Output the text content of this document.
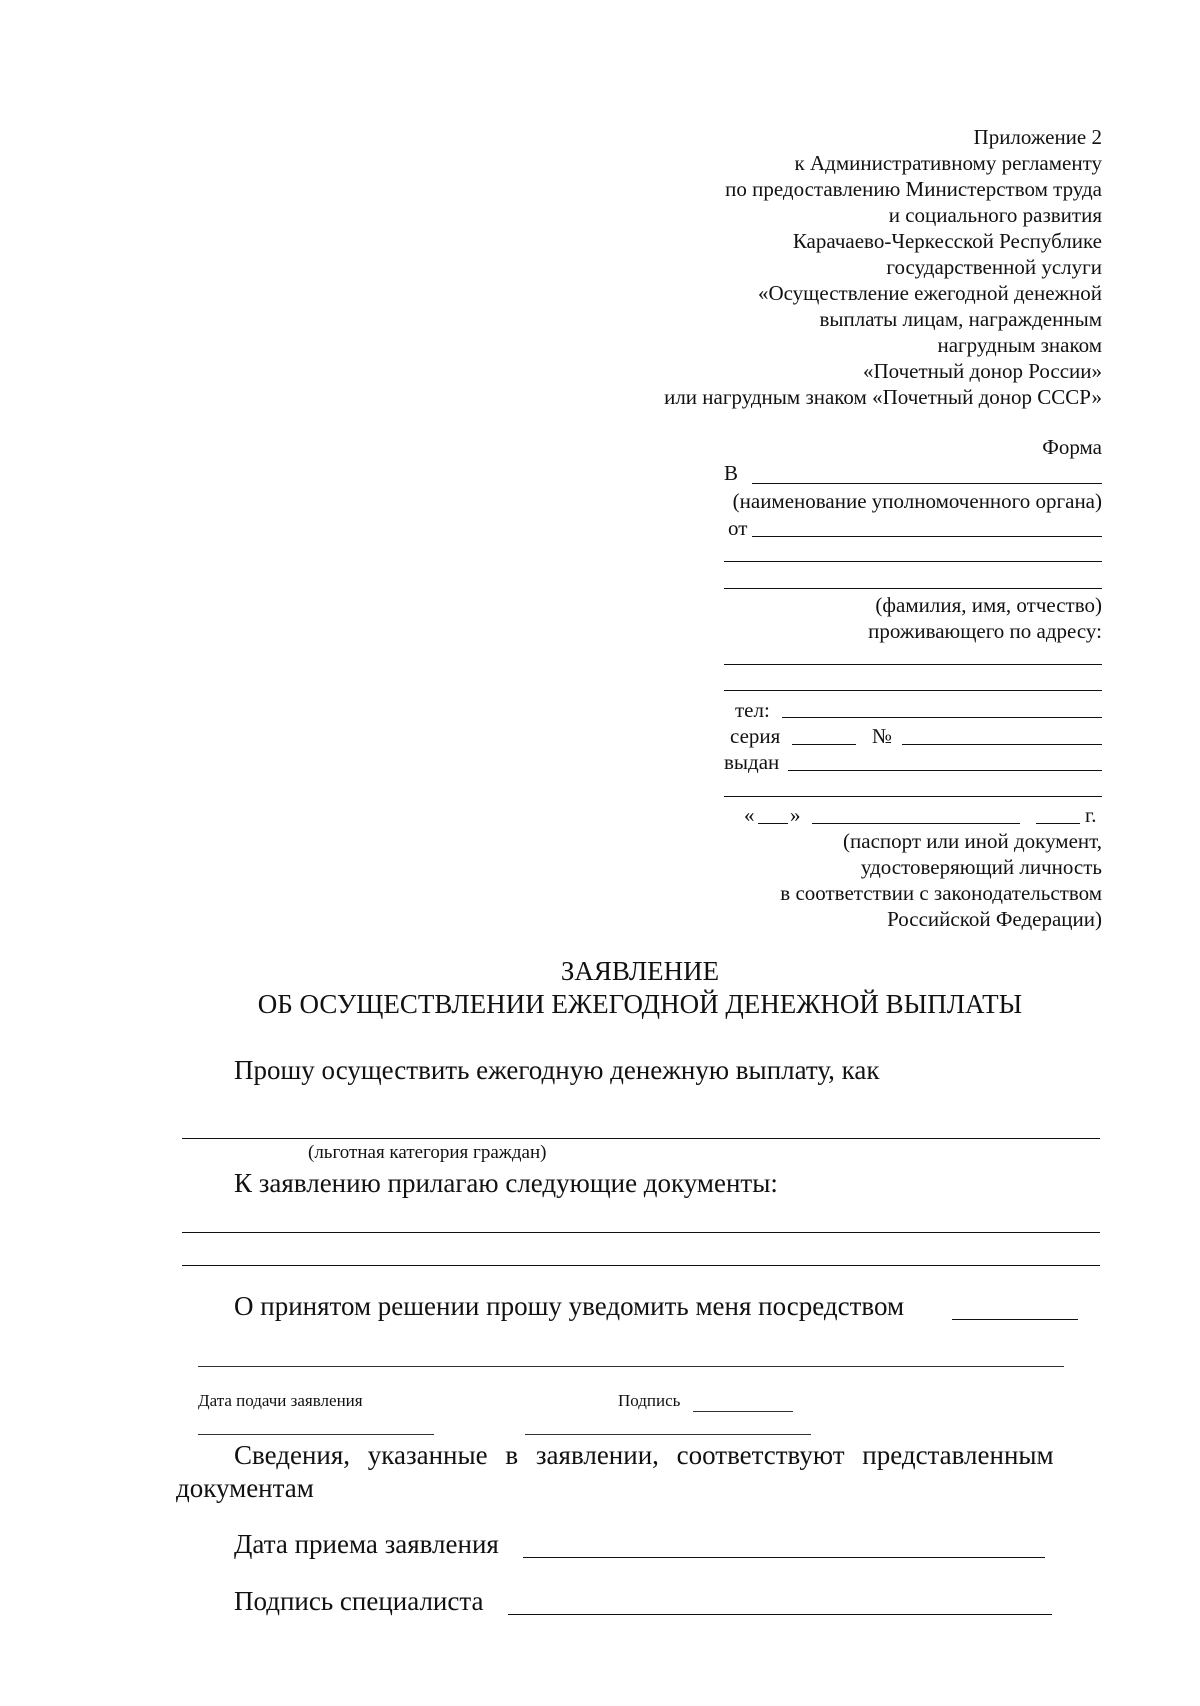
Приложение 2
к Административному регламенту
по предоставлению Министерством труда
и социального развития
Карачаево-Черкесской Республике
государственной услуги
«Осуществление ежегодной денежной
выплаты лицам, награжденным
нагрудным знаком
«Почетный донор России»
или нагрудным знаком «Почетный донор СССР»
Форма
В
(наименование уполномоченного органа)
от
(фамилия, имя, отчество)
проживающего по адресу:
тел:
серия	№
выдан
« »	г.
(паспорт или иной документ,
удостоверяющий личность
в соответствии с законодательством
Российской Федерации)
ЗАЯВЛЕНИЕ
ОБ ОСУЩЕСТВЛЕНИИ ЕЖЕГОДНОЙ ДЕНЕЖНОЙ ВЫПЛАТЫ
Прошу осуществить ежегодную денежную выплату, как
(льготная категория граждан)
К заявлению прилагаю следующие документы:
О принятом решении прошу уведомить меня посредством
Дата подачи заявления	Подпись
Сведения, указанные в заявлении, соответствуют представленным
документам
Дата приема заявления
Подпись специалиста
